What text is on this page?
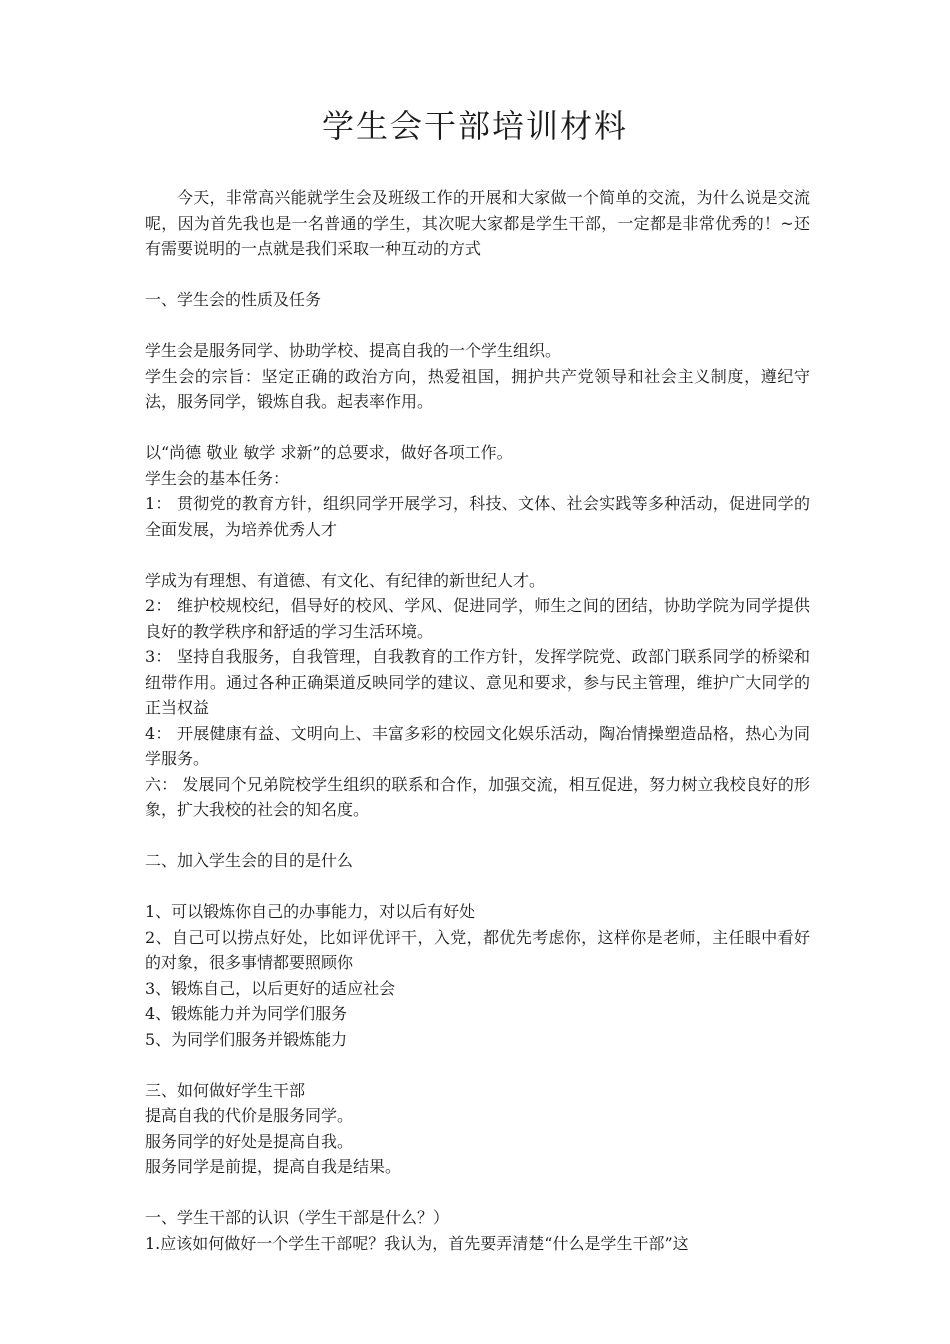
学生会干部培训材料

今天，非常高兴能就学生会及班级工作的开展和大家做一个简单的交流，为什么说是交流呢，因为首先我也是一名普通的学生，其次呢大家都是学生干部，一定都是非常优秀的！~还有需要说明的一点就是我们采取一种互动的方式

一、学生会的性质及任务

学生会是服务同学、协助学校、提高自我的一个学生组织。

学生会的宗旨：坚定正确的政治方向，热爱祖国，拥护共产党领导和社会主义制度，遵纪守法，服务同学，锻炼自我。起表率作用。

以“尚德 敬业 敏学 求新”的总要求，做好各项工作。

学生会的基本任务：

1： 贯彻党的教育方针，组织同学开展学习，科技、文体、社会实践等多种活动，促进同学的全面发展，为培养优秀人才

学成为有理想、有道德、有文化、有纪律的新世纪人才。

2： 维护校规校纪，倡导好的校风、学风、促进同学，师生之间的团结，协助学院为同学提供良好的教学秩序和舒适的学习生活环境。

3： 坚持自我服务，自我管理，自我教育的工作方针，发挥学院党、政部门联系同学的桥梁和纽带作用。通过各种正确渠道反映同学的建议、意见和要求，参与民主管理，维护广大同学的正当权益

4： 开展健康有益、文明向上、丰富多彩的校园文化娱乐活动，陶冶情操塑造品格，热心为同学服务。

六： 发展同个兄弟院校学生组织的联系和合作，加强交流，相互促进，努力树立我校良好的形象，扩大我校的社会的知名度。

二、加入学生会的目的是什么

1、可以锻炼你自己的办事能力，对以后有好处

2、自己可以捞点好处，比如评优评干，入党，都优先考虑你，这样你是老师，主任眼中看好的对象，很多事情都要照顾你

3、锻炼自己，以后更好的适应社会

4、锻炼能力并为同学们服务

5、为同学们服务并锻炼能力

三、如何做好学生干部

提高自我的代价是服务同学。

服务同学的好处是提高自我。

服务同学是前提，提高自我是结果。

一、学生干部的认识（学生干部是什么？）

1.应该如何做好一个学生干部呢？我认为，首先要弄清楚“什么是学生干部”这
